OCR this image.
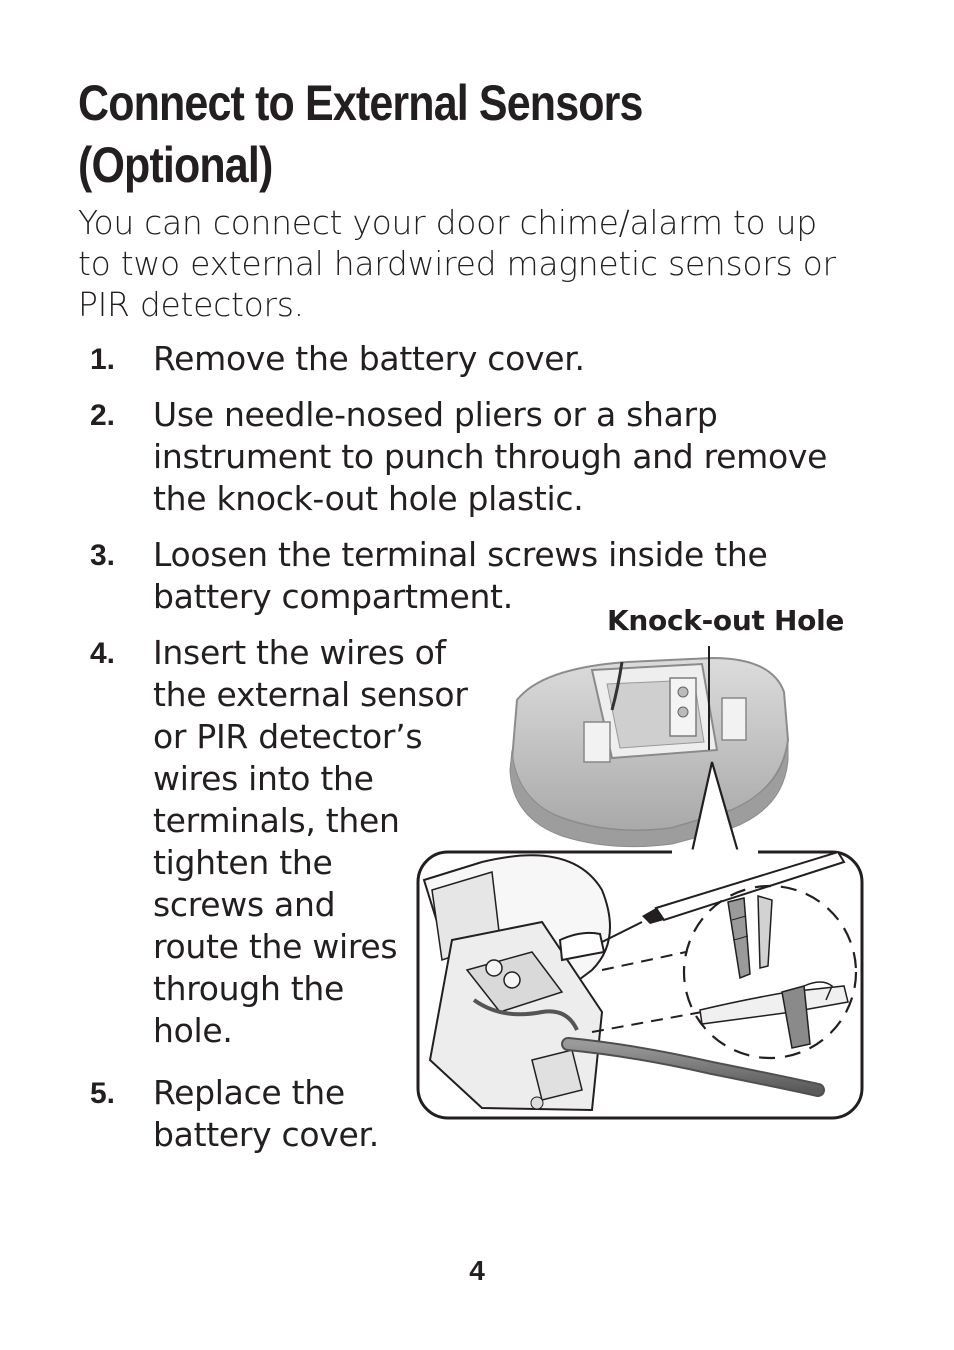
Connect to External Sensors
(Optional)

You can connect your door chime/alarm to up
to two external hardwired magnetic sensors or
PIR detectors.

1. Remove the battery cover.
2. Use needle-nosed pliers or a sharp
instrument to punch through and remove
the knock-out hole plastic.
3. Loosen the terminal screws inside the
battery compartment.
4. Insert the wires of
the external sensor
or PIR detector’s
wires into the
terminals, then
tighten the
screws and
route the wires
through the
hole.
5. Replace the
battery cover.
Knock-out Hole
4
